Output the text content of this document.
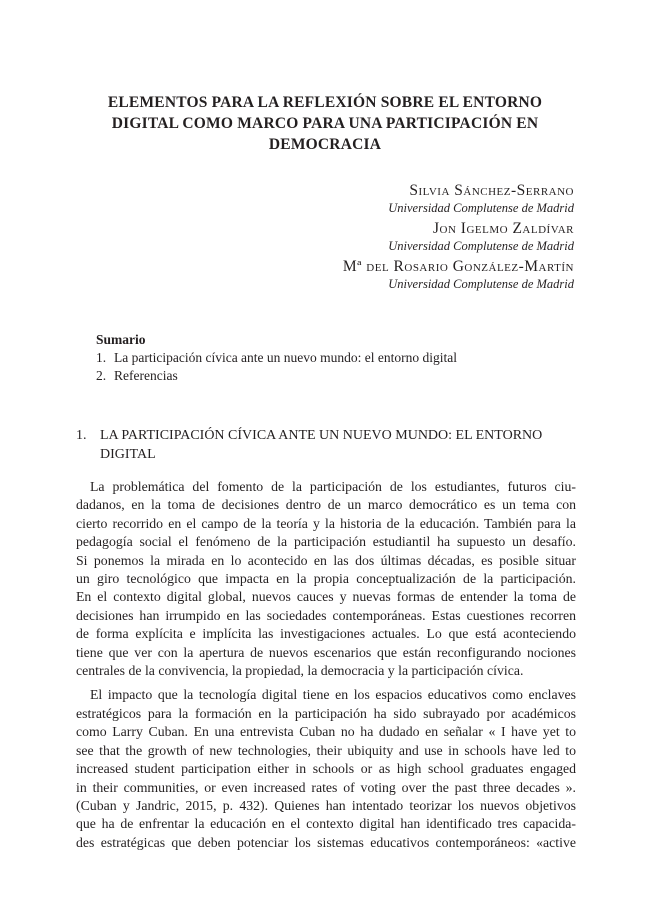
ELEMENTOS PARA LA REFLEXIÓN SOBRE EL ENTORNO
DIGITAL COMO MARCO PARA UNA PARTICIPACIÓN EN
DEMOCRACIA
Silvia Sánchez-Serrano
Universidad Complutense de Madrid
Jon Igelmo Zaldívar
Universidad Complutense de Madrid
Mª del Rosario González-Martín
Universidad Complutense de Madrid
Sumario
1. La participación cívica ante un nuevo mundo: el entorno digital
2. Referencias
1. LA PARTICIPACIÓN CÍVICA ANTE UN NUEVO MUNDO: EL ENTORNO
DIGITAL

La problemática del fomento de la participación de los estudiantes, futuros ciu-
dadanos, en la toma de decisiones dentro de un marco democrático es un tema con
cierto recorrido en el campo de la teoría y la historia de la educación. También para la
pedagogía social el fenómeno de la participación estudiantil ha supuesto un desafío.
Si ponemos la mirada en lo acontecido en las dos últimas décadas, es posible situar
un giro tecnológico que impacta en la propia conceptualización de la participación.
En el contexto digital global, nuevos cauces y nuevas formas de entender la toma de
decisiones han irrumpido en las sociedades contemporáneas. Estas cuestiones recorren
de forma explícita e implícita las investigaciones actuales. Lo que está aconteciendo
tiene que ver con la apertura de nuevos escenarios que están reconfigurando nociones
centrales de la convivencia, la propiedad, la democracia y la participación cívica.

El impacto que la tecnología digital tiene en los espacios educativos como enclaves
estratégicos para la formación en la participación ha sido subrayado por académicos
como Larry Cuban. En una entrevista Cuban no ha dudado en señalar « I have yet to
see that the growth of new technologies, their ubiquity and use in schools have led to
increased student participation either in schools or as high school graduates engaged
in their communities, or even increased rates of voting over the past three decades ».
(Cuban y Jandric, 2015, p. 432). Quienes han intentado teorizar los nuevos objetivos
que ha de enfrentar la educación en el contexto digital han identificado tres capacida-
des estratégicas que deben potenciar los sistemas educativos contemporáneos: «active
